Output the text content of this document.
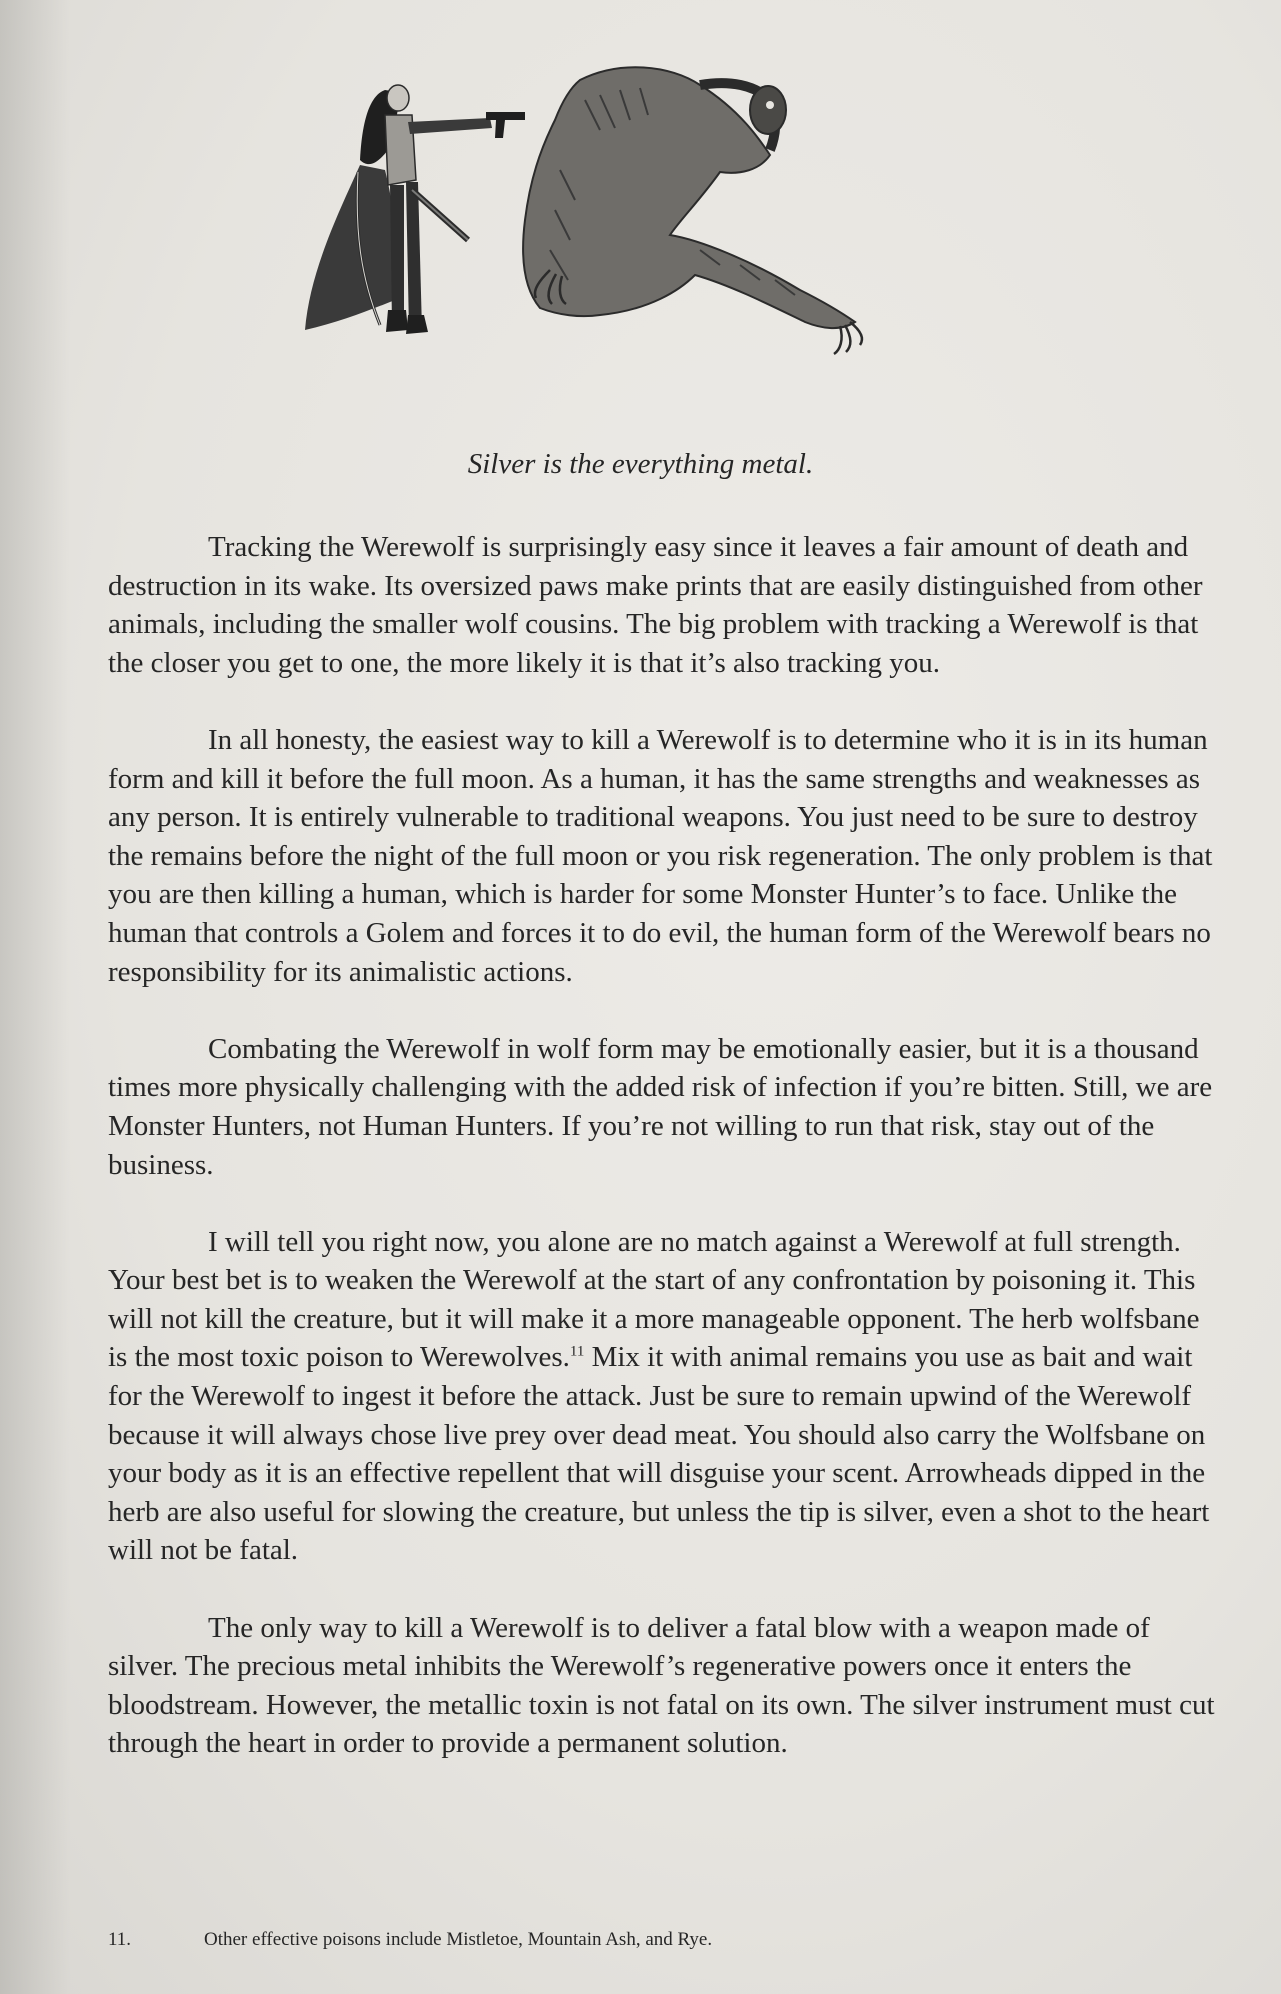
Silver is the everything metal.

Tracking the Werewolf is surprisingly easy since it leaves a fair amount of death and destruction in its wake. Its oversized paws make prints that are easily distinguished from other animals, including the smaller wolf cousins. The big problem with tracking a Werewolf is that the closer you get to one, the more likely it is that it’s also tracking you.

In all honesty, the easiest way to kill a Werewolf is to determine who it is in its human form and kill it before the full moon. As a human, it has the same strengths and weaknesses as any person. It is entirely vulnerable to traditional weapons. You just need to be sure to destroy the remains before the night of the full moon or you risk regeneration. The only problem is that you are then killing a human, which is harder for some Monster Hunter’s to face. Unlike the human that controls a Golem and forces it to do evil, the human form of the Werewolf bears no responsibility for its animalistic actions.

Combating the Werewolf in wolf form may be emotionally easier, but it is a thousand times more physically challenging with the added risk of infection if you’re bitten. Still, we are Monster Hunters, not Human Hunters. If you’re not willing to run that risk, stay out of the business.

I will tell you right now, you alone are no match against a Werewolf at full strength. Your best bet is to weaken the Werewolf at the start of any confrontation by poisoning it. This will not kill the creature, but it will make it a more manageable opponent. The herb wolfsbane is the most toxic poison to Werewolves.$^{11}$ Mix it with animal remains you use as bait and wait for the Werewolf to ingest it before the attack. Just be sure to remain upwind of the Werewolf because it will always chose live prey over dead meat. You should also carry the Wolfsbane on your body as it is an effective repellent that will disguise your scent. Arrowheads dipped in the herb are also useful for slowing the creature, but unless the tip is silver, even a shot to the heart will not be fatal.

The only way to kill a Werewolf is to deliver a fatal blow with a weapon made of silver. The precious metal inhibits the Werewolf’s regenerative powers once it enters the bloodstream. However, the metallic toxin is not fatal on its own. The silver instrument must cut through the heart in order to provide a permanent solution.

11.	Other effective poisons include Mistletoe, Mountain Ash, and Rye.
